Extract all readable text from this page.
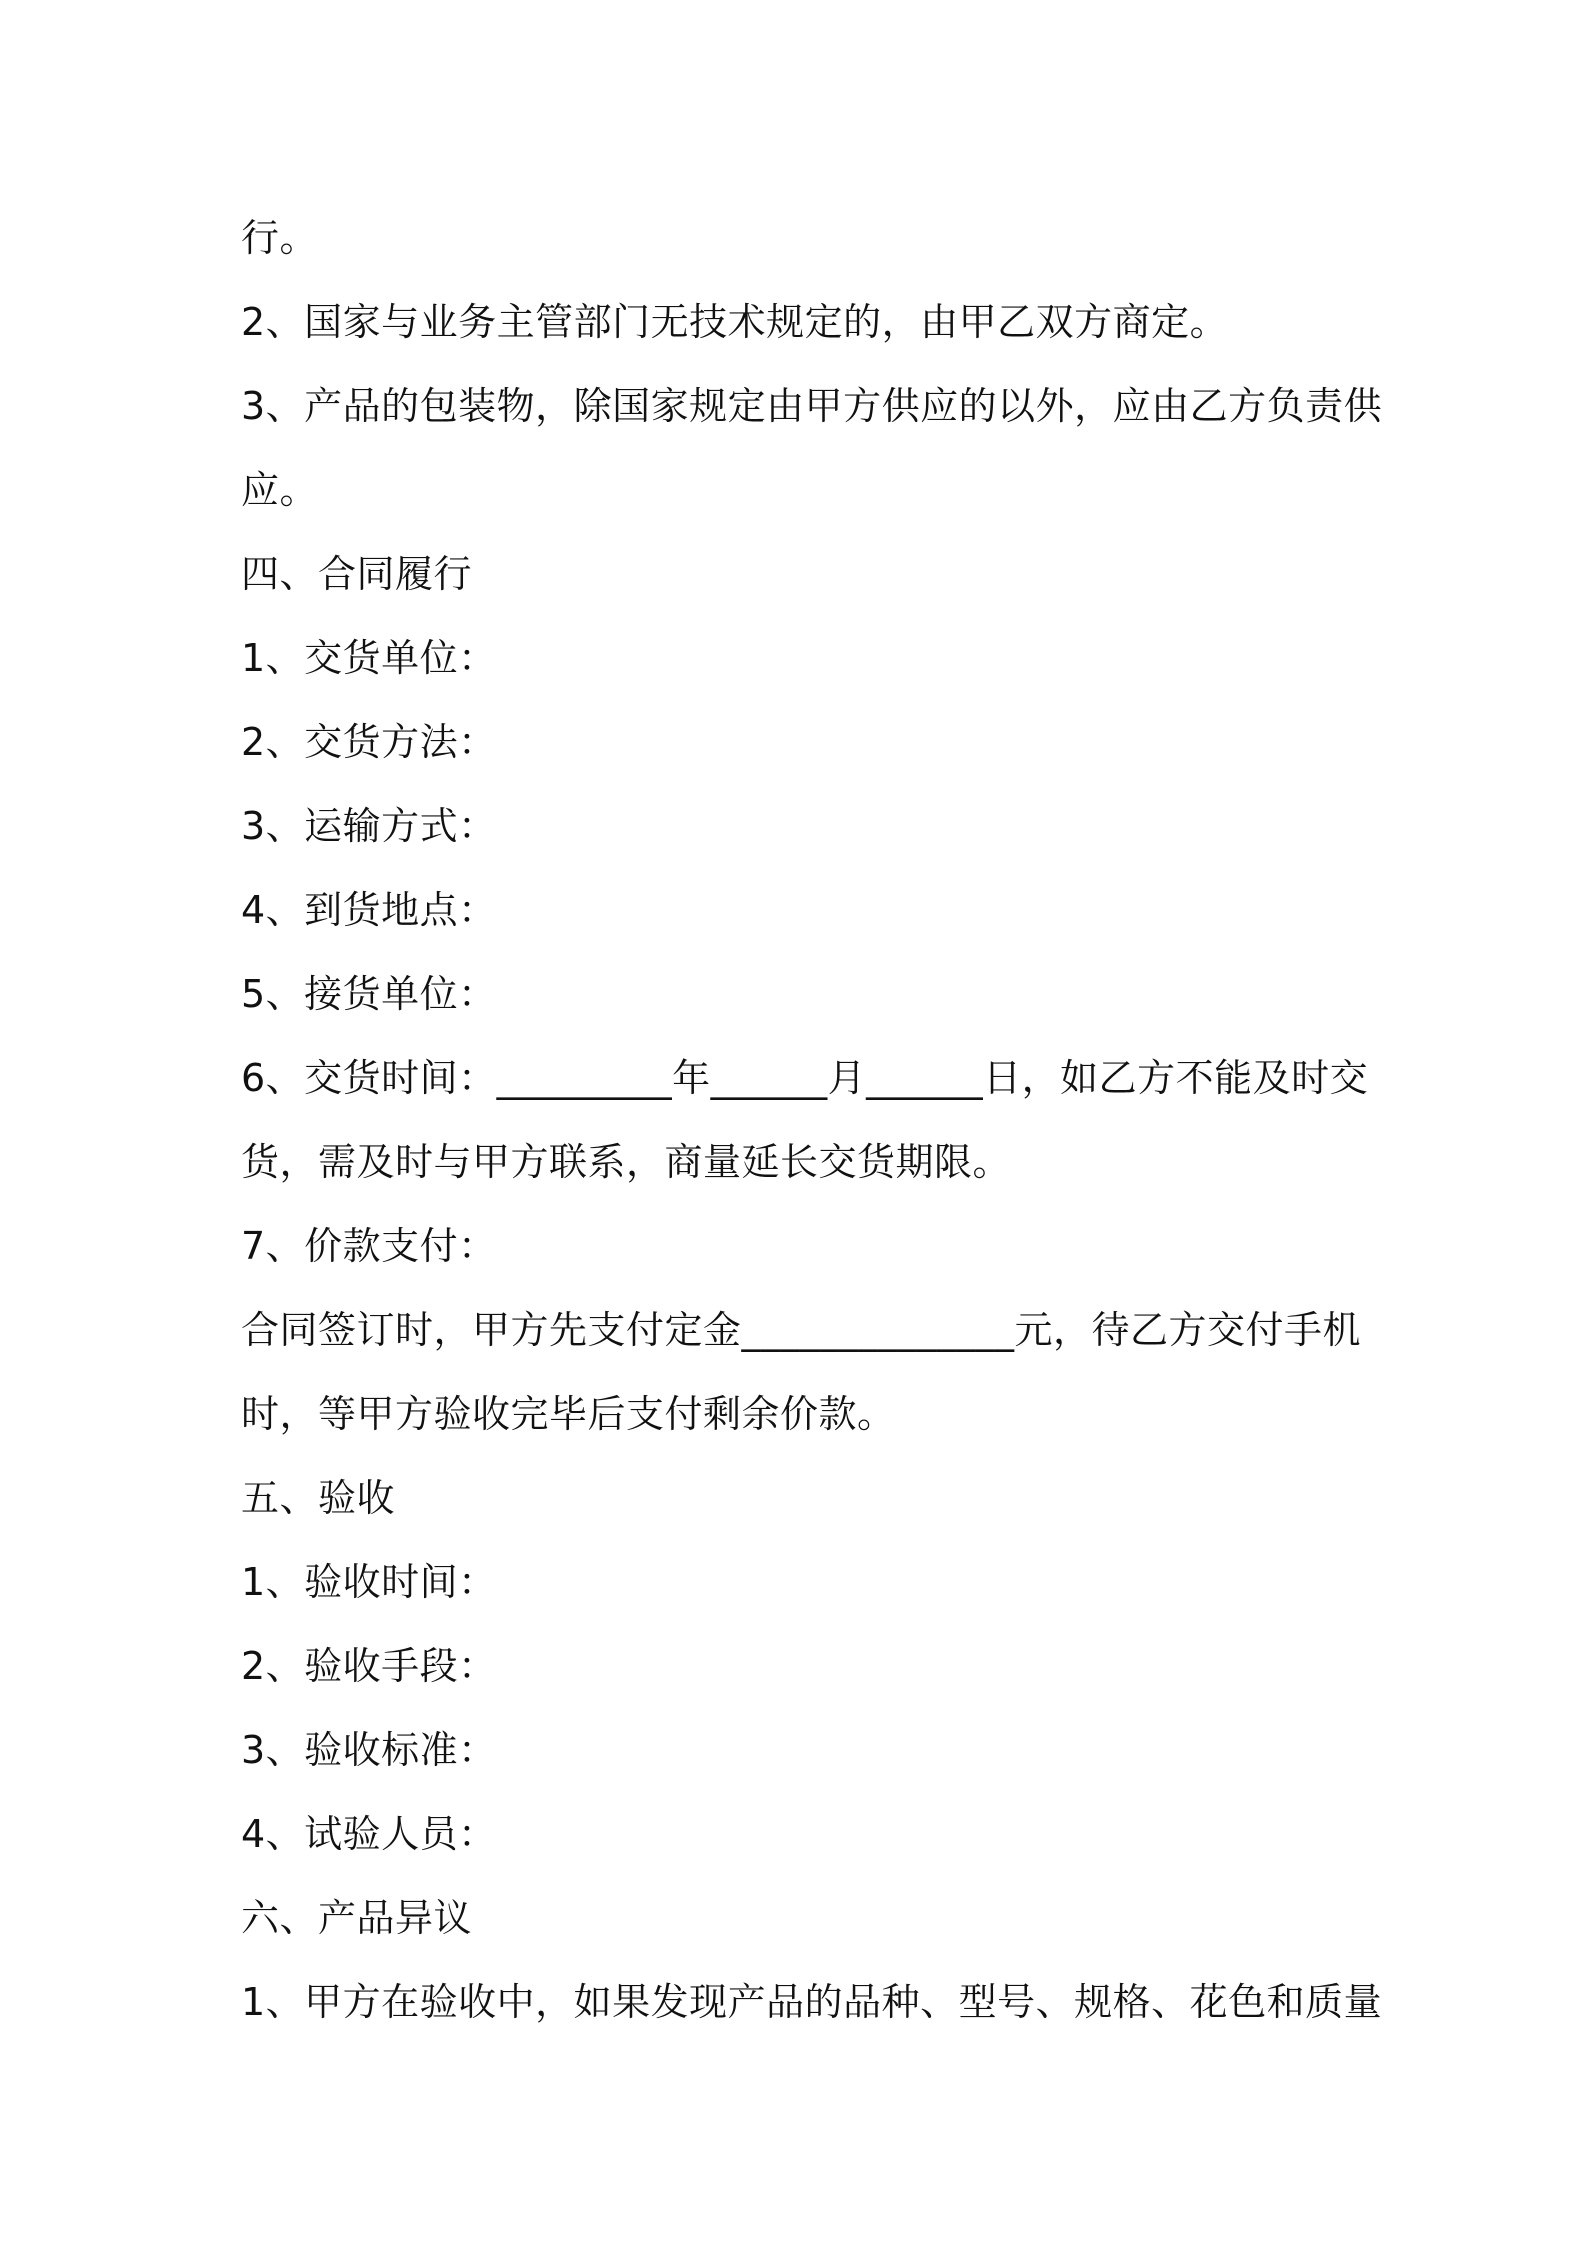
行。
2、国家与业务主管部门无技术规定的，由甲乙双方商定。
3、产品的包装物，除国家规定由甲方供应的以外，应由乙方负责供
应。
四、合同履行
1、交货单位：
2、交货方法：
3、运输方式：
4、到货地点：
5、接货单位：
6、交货时间：_________年______月______日，如乙方不能及时交
货，需及时与甲方联系，商量延长交货期限。
7、价款支付：
合同签订时，甲方先支付定金______________元，待乙方交付手机
时，等甲方验收完毕后支付剩余价款。
五、验收
1、验收时间：
2、验收手段：
3、验收标准：
4、试验人员：
六、产品异议
1、甲方在验收中，如果发现产品的品种、型号、规格、花色和质量
